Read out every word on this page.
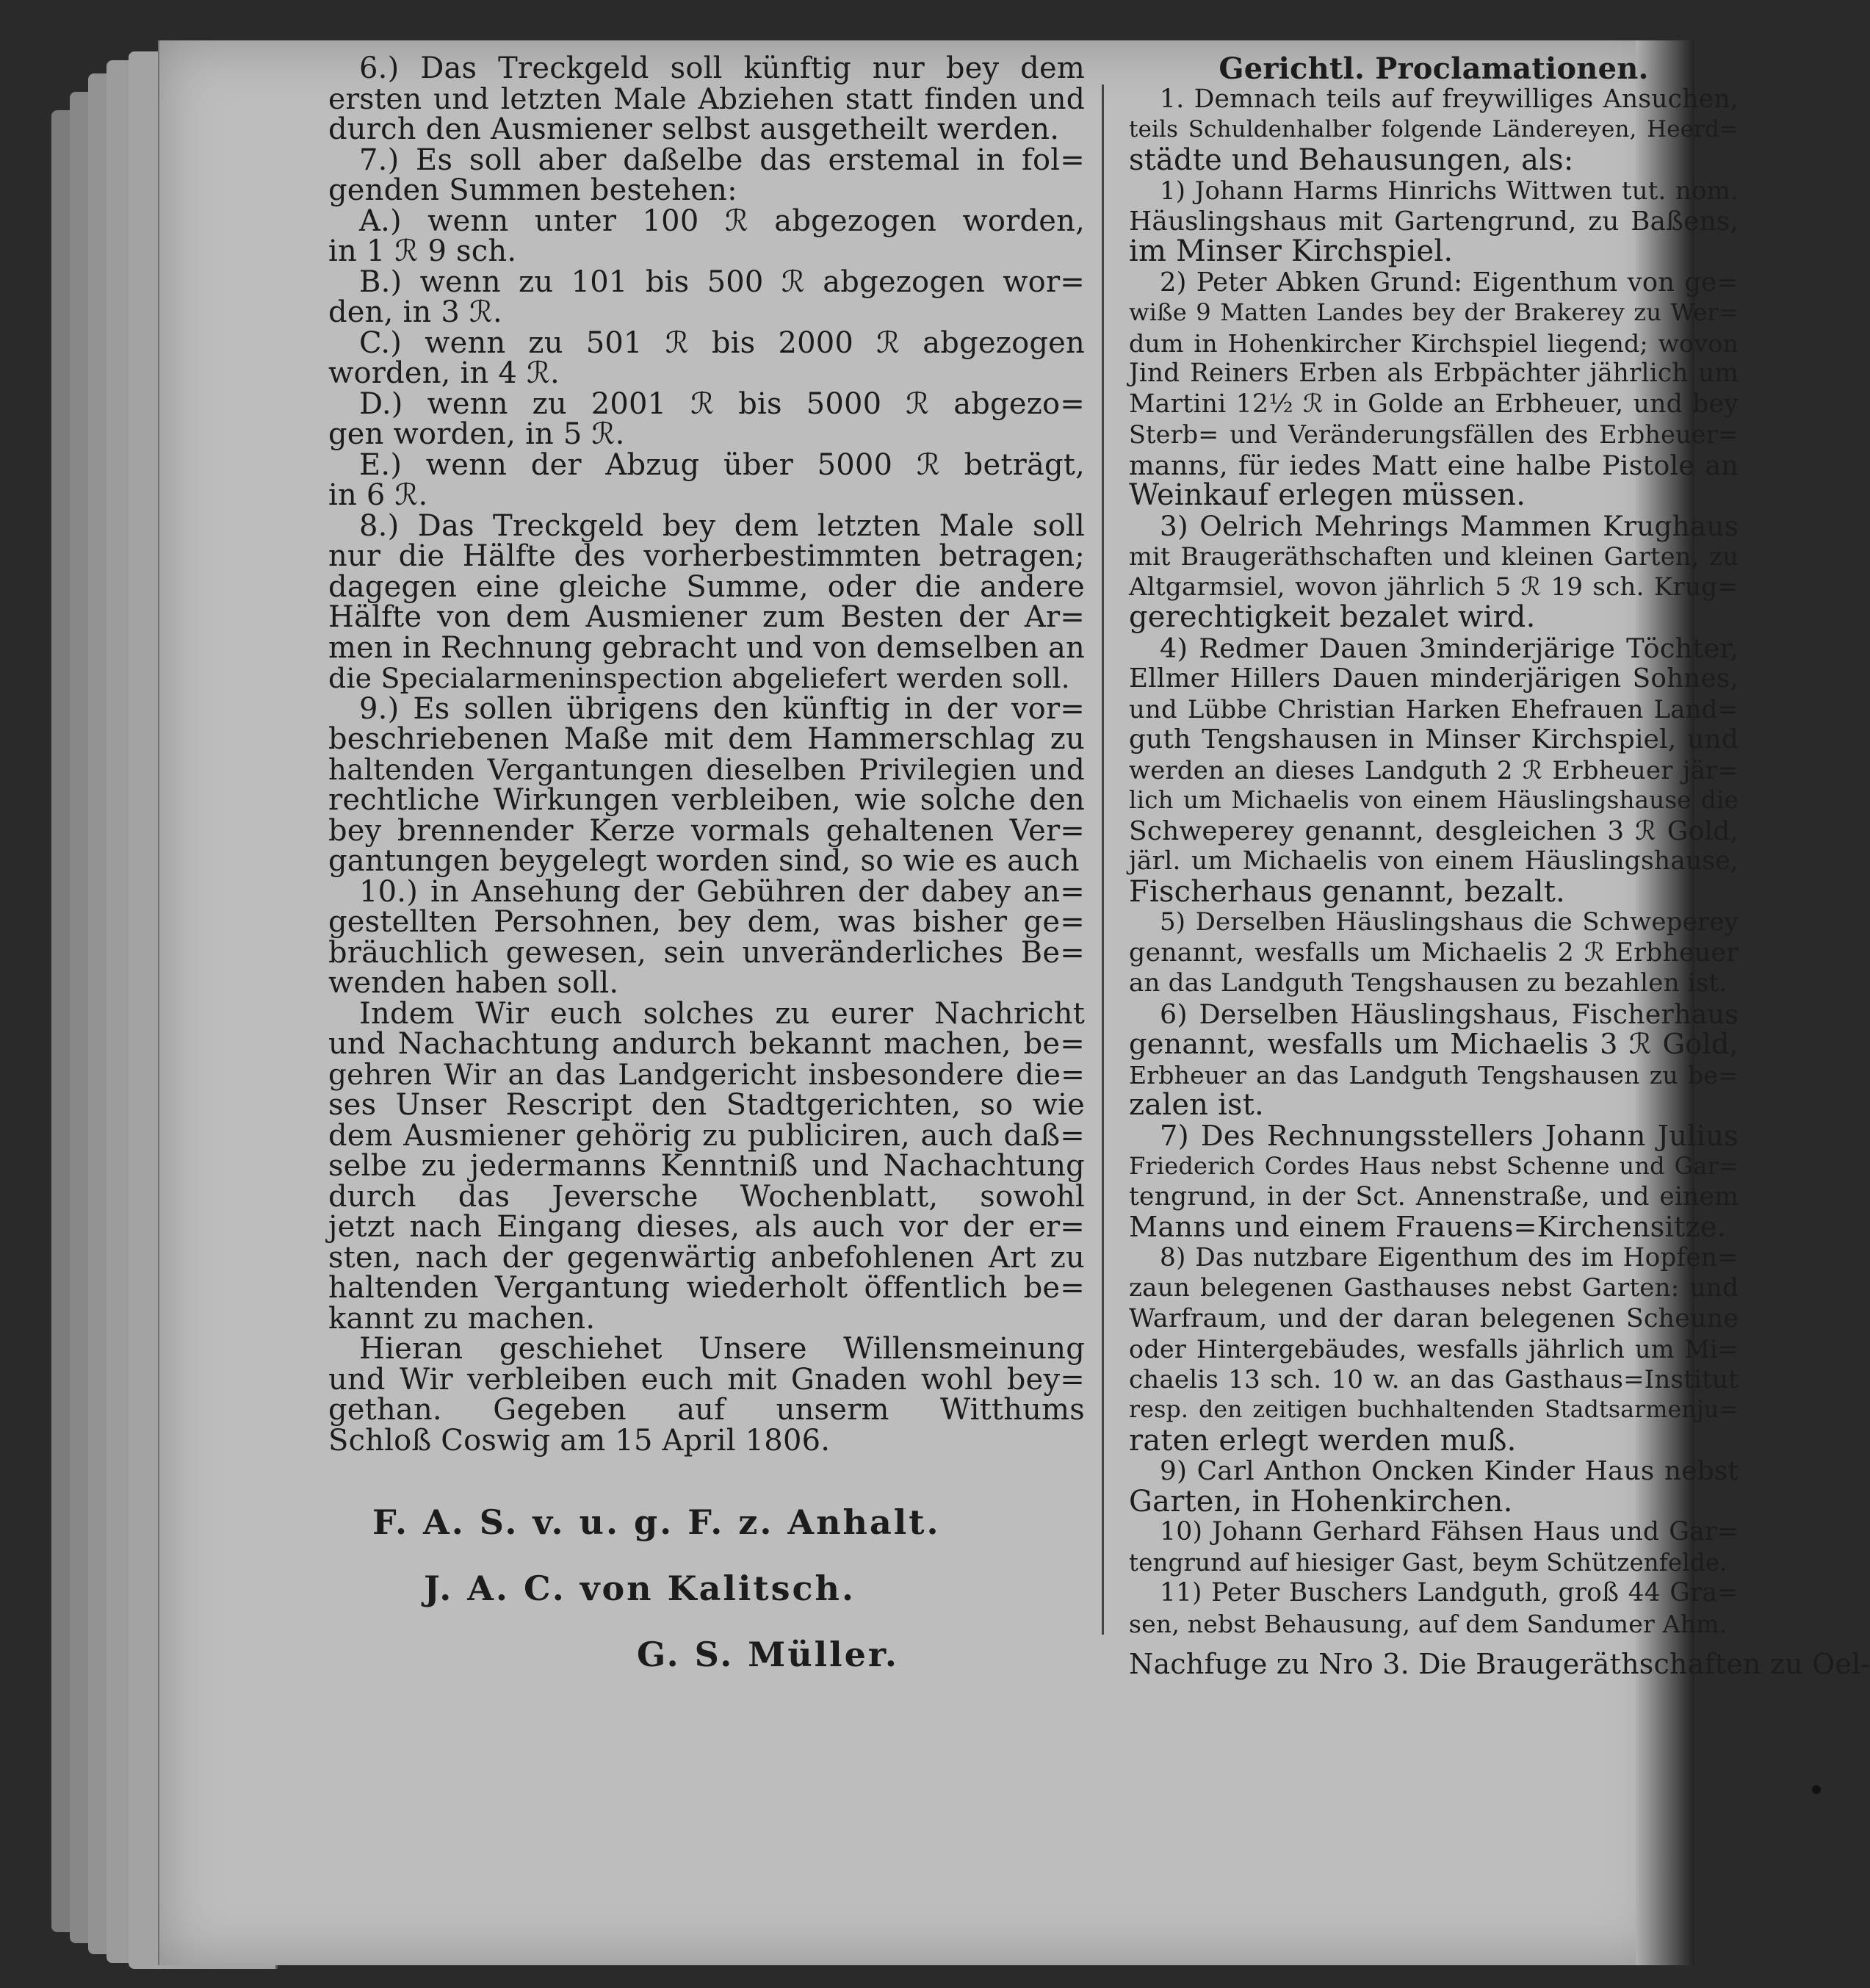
6.) Das Treckgeld soll künftig nur bey dem
ersten und letzten Male Abziehen statt finden und
durch den Ausmiener selbst ausgetheilt werden.
7.) Es soll aber daßelbe das erstemal in fol=
genden Summen bestehen:
A.) wenn unter 100 ℛ abgezogen worden,
in 1 ℛ 9 sch.
B.) wenn zu 101 bis 500 ℛ abgezogen wor=
den, in 3 ℛ.
C.) wenn zu 501 ℛ bis 2000 ℛ abgezogen
worden, in 4 ℛ.
D.) wenn zu 2001 ℛ bis 5000 ℛ abgezo=
gen worden, in 5 ℛ.
E.) wenn der Abzug über 5000 ℛ beträgt,
in 6 ℛ.
8.) Das Treckgeld bey dem letzten Male soll
nur die Hälfte des vorherbestimmten betragen;
dagegen eine gleiche Summe, oder die andere
Hälfte von dem Ausmiener zum Besten der Ar=
men in Rechnung gebracht und von demselben an
die Specialarmeninspection abgeliefert werden soll.
9.) Es sollen übrigens den künftig in der vor=
beschriebenen Maße mit dem Hammerschlag zu
haltenden Vergantungen dieselben Privilegien und
rechtliche Wirkungen verbleiben, wie solche den
bey brennender Kerze vormals gehaltenen Ver=
gantungen beygelegt worden sind, so wie es auch
10.) in Ansehung der Gebühren der dabey an=
gestellten Persohnen, bey dem, was bisher ge=
bräuchlich gewesen, sein unveränderliches Be=
wenden haben soll.
Indem Wir euch solches zu eurer Nachricht
und Nachachtung andurch bekannt machen, be=
gehren Wir an das Landgericht insbesondere die=
ses Unser Rescript den Stadtgerichten, so wie
dem Ausmiener gehörig zu publiciren, auch daß=
selbe zu jedermanns Kenntniß und Nachachtung
durch das Jeversche Wochenblatt, sowohl
jetzt nach Eingang dieses, als auch vor der er=
sten, nach der gegenwärtig anbefohlenen Art zu
haltenden Vergantung wiederholt öffentlich be=
kannt zu machen.
Hieran geschiehet Unsere Willensmeinung
und Wir verbleiben euch mit Gnaden wohl bey=
gethan. Gegeben auf unserm Witthums
Schloß Coswig am 15 April 1806.
F. A. S. v. u. g. F. z. Anhalt.
J. A. C. von Kalitsch.
G. S. Müller.
Gerichtl. Proclamationen.
1. Demnach teils auf freywilliges Ansuchen,
teils Schuldenhalber folgende Ländereyen, Heerd=
städte und Behausungen, als:
1) Johann Harms Hinrichs Wittwen tut. nom.
Häuslingshaus mit Gartengrund, zu Baßens,
im Minser Kirchspiel.
2) Peter Abken Grund: Eigenthum von ge=
wiße 9 Matten Landes bey der Brakerey zu Wer=
dum in Hohenkircher Kirchspiel liegend; wovon
Jind Reiners Erben als Erbpächter jährlich um
Martini 12½ ℛ in Golde an Erbheuer, und bey
Sterb= und Veränderungsfällen des Erbheuer=
manns, für iedes Matt eine halbe Pistole an
Weinkauf erlegen müssen.
3) Oelrich Mehrings Mammen Krughaus
mit Braugeräthschaften und kleinen Garten, zu
Altgarmsiel, wovon jährlich 5 ℛ 19 sch. Krug=
gerechtigkeit bezalet wird.
4) Redmer Dauen 3minderjärige Töchter,
Ellmer Hillers Dauen minderjärigen Sohnes,
und Lübbe Christian Harken Ehefrauen Land=
guth Tengshausen in Minser Kirchspiel, und
werden an dieses Landguth 2 ℛ Erbheuer jär=
lich um Michaelis von einem Häuslingshause die
Schweperey genannt, desgleichen 3 ℛ Gold,
järl. um Michaelis von einem Häuslingshause,
Fischerhaus genannt, bezalt.
5) Derselben Häuslingshaus die Schweperey
genannt, wesfalls um Michaelis 2 ℛ Erbheuer
an das Landguth Tengshausen zu bezahlen ist.
6) Derselben Häuslingshaus, Fischerhaus
genannt, wesfalls um Michaelis 3 ℛ Gold,
Erbheuer an das Landguth Tengshausen zu be=
zalen ist.
7) Des Rechnungsstellers Johann Julius
Friederich Cordes Haus nebst Schenne und Gar=
tengrund, in der Sct. Annenstraße, und einem
Manns und einem Frauens=Kirchensitze.
8) Das nutzbare Eigenthum des im Hopfen=
zaun belegenen Gasthauses nebst Garten: und
Warfraum, und der daran belegenen Scheune
oder Hintergebäudes, wesfalls jährlich um Mi=
chaelis 13 sch. 10 w. an das Gasthaus=Institut
resp. den zeitigen buchhaltenden Stadtsarmenju=
raten erlegt werden muß.
9) Carl Anthon Oncken Kinder Haus nebst
Garten, in Hohenkirchen.
10) Johann Gerhard Fähsen Haus und Gar=
tengrund auf hiesiger Gast, beym Schützenfelde.
11) Peter Buschers Landguth, groß 44 Gra=
sen, nebst Behausung, auf dem Sandumer Ahm.
Nachfuge zu Nro 3. Die Braugeräthschaften zu Oel-
